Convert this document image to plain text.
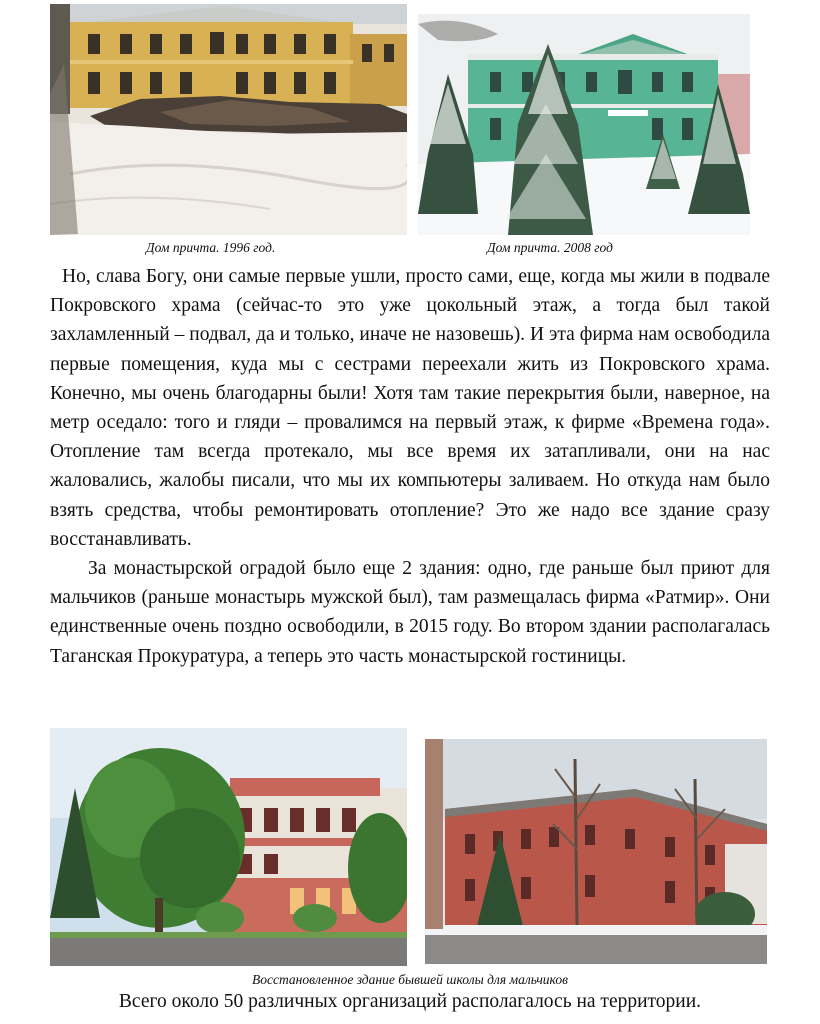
Дом причта. 1996 год.	Дом причта. 2008 год

Но, слава Богу, они самые первые ушли, просто сами, еще, когда мы жили в подвале Покровского храма (сейчас-то это уже цокольный этаж, а тогда был такой захламленный – подвал, да и только, иначе не назовешь). И эта фирма нам освободила первые помещения, куда мы с сестрами переехали жить из Покровского храма. Конечно, мы очень благодарны были! Хотя там такие перекрытия были, наверное, на метр оседало: того и гляди – провалимся на первый этаж, к фирме «Времена года». Отопление там всегда протекало, мы все время их затапливали, они на нас жаловались, жалобы писали, что мы их компьютеры заливаем. Но откуда нам было взять средства, чтобы ремонтировать отопление? Это же надо все здание сразу восстанавливать.

За монастырской оградой было еще 2 здания: одно, где раньше был приют для мальчиков (раньше монастырь мужской был), там размещалась фирма «Ратмир». Они единственные очень поздно освободили, в 2015 году. Во втором здании располагалась Таганская Прокуратура, а теперь это часть монастырской гостиницы.

Восстановленное здание бывшей школы для мальчиков
Всего около 50 различных организаций располагалось на территории.
